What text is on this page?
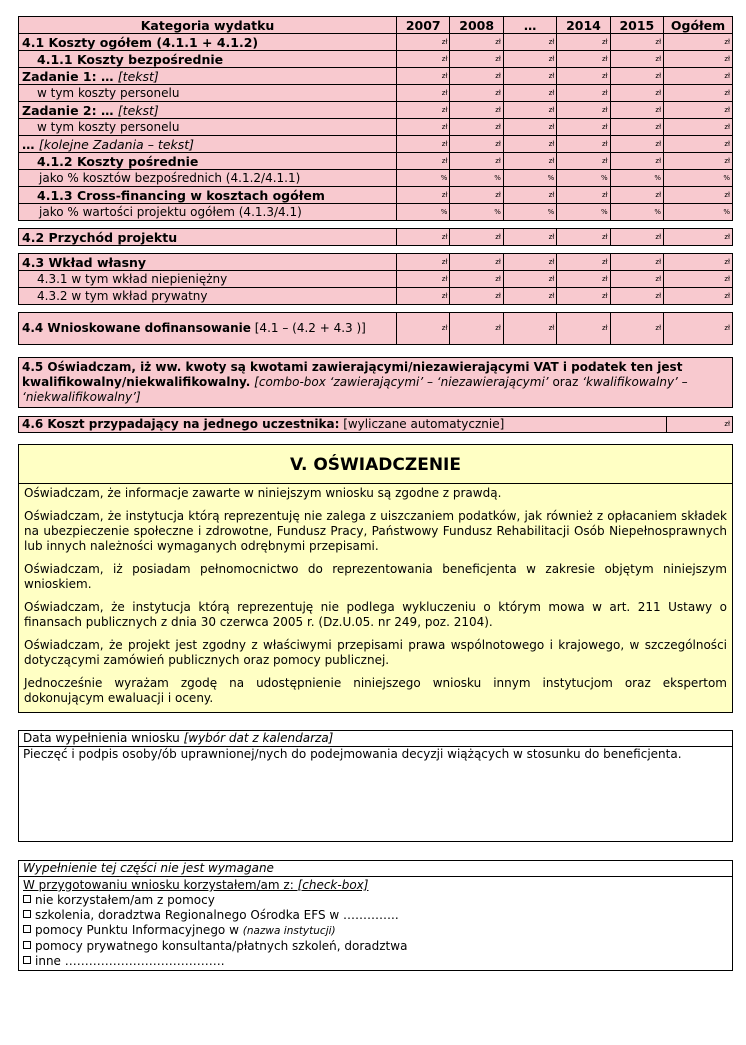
Kategoria wydatku	2007	2008	…	2014	2015	Ogółem
4.1 Koszty ogółem (4.1.1 + 4.1.2)	zł	zł	zł	zł	zł	zł
4.1.1 Koszty bezpośrednie	zł	zł	zł	zł	zł	zł
Zadanie 1: … [tekst]	zł	zł	zł	zł	zł	zł
w tym koszty personelu	zł	zł	zł	zł	zł	zł
Zadanie 2: … [tekst]	zł	zł	zł	zł	zł	zł
w tym koszty personelu	zł	zł	zł	zł	zł	zł
… [kolejne Zadania – tekst]	zł	zł	zł	zł	zł	zł
4.1.2 Koszty pośrednie	zł	zł	zł	zł	zł	zł
jako % kosztów bezpośrednich (4.1.2/4.1.1)	%	%	%	%	%	%
4.1.3 Cross-financing w kosztach ogółem	zł	zł	zł	zł	zł	zł
jako % wartości projektu ogółem (4.1.3/4.1)	%	%	%	%	%	%

4.2 Przychód projektu	zł	zł	zł	zł	zł	zł

4.3 Wkład własny	zł	zł	zł	zł	zł	zł
4.3.1 w tym wkład niepieniężny	zł	zł	zł	zł	zł	zł
4.3.2 w tym wkład prywatny	zł	zł	zł	zł	zł	zł

4.4 Wnioskowane dofinansowanie [4.1 – (4.2 + 4.3 )]	zł	zł	zł	zł	zł	zł
4.5 Oświadczam, iż ww. kwoty są kwotami zawierającymi/niezawierającymi VAT i podatek ten jest kwalifikowalny/niekwalifikowalny. [combo-box ‘zawierającymi’ – ‘niezawierającymi’ oraz ‘kwalifikowalny’ – ‘niekwalifikowalny’]
4.6 Koszt przypadający na jednego uczestnika: [wyliczane automatycznie]	zł
V. OŚWIADCZENIE

Oświadczam, że informacje zawarte w niniejszym wniosku są zgodne z prawdą.

Oświadczam, że instytucja którą reprezentuję nie zalega z uiszczaniem podatków, jak również z opłacaniem składek na ubezpieczenie społeczne i zdrowotne, Fundusz Pracy, Państwowy Fundusz Rehabilitacji Osób Niepełnosprawnych lub innych należności wymaganych odrębnymi przepisami.

Oświadczam, iż posiadam pełnomocnictwo do reprezentowania beneficjenta w zakresie objętym niniejszym wnioskiem.

Oświadczam, że instytucja którą reprezentuję nie podlega wykluczeniu o którym mowa w art. 211 Ustawy o finansach publicznych z dnia 30 czerwca 2005 r. (Dz.U.05. nr 249, poz. 2104).

Oświadczam, że projekt jest zgodny z właściwymi przepisami prawa wspólnotowego i krajowego, w szczególności dotyczącymi zamówień publicznych oraz pomocy publicznej.

Jednocześnie wyrażam zgodę na udostępnienie niniejszego wniosku innym instytucjom oraz ekspertom dokonującym ewaluacji i oceny.

Data wypełnienia wniosku [wybór dat z kalendarza]
Pieczęć i podpis osoby/ób uprawnionej/nych do podejmowania decyzji wiążących w stosunku do beneficjenta.
Wypełnienie tej części nie jest wymagane
W przygotowaniu wniosku korzystałem/am z: [check-box]
nie korzystałem/am z pomocy
szkolenia, doradztwa Regionalnego Ośrodka EFS w …………..
pomocy Punktu Informacyjnego w (nazwa instytucji)
pomocy prywatnego konsultanta/płatnych szkoleń, doradztwa
inne ………………………………….
